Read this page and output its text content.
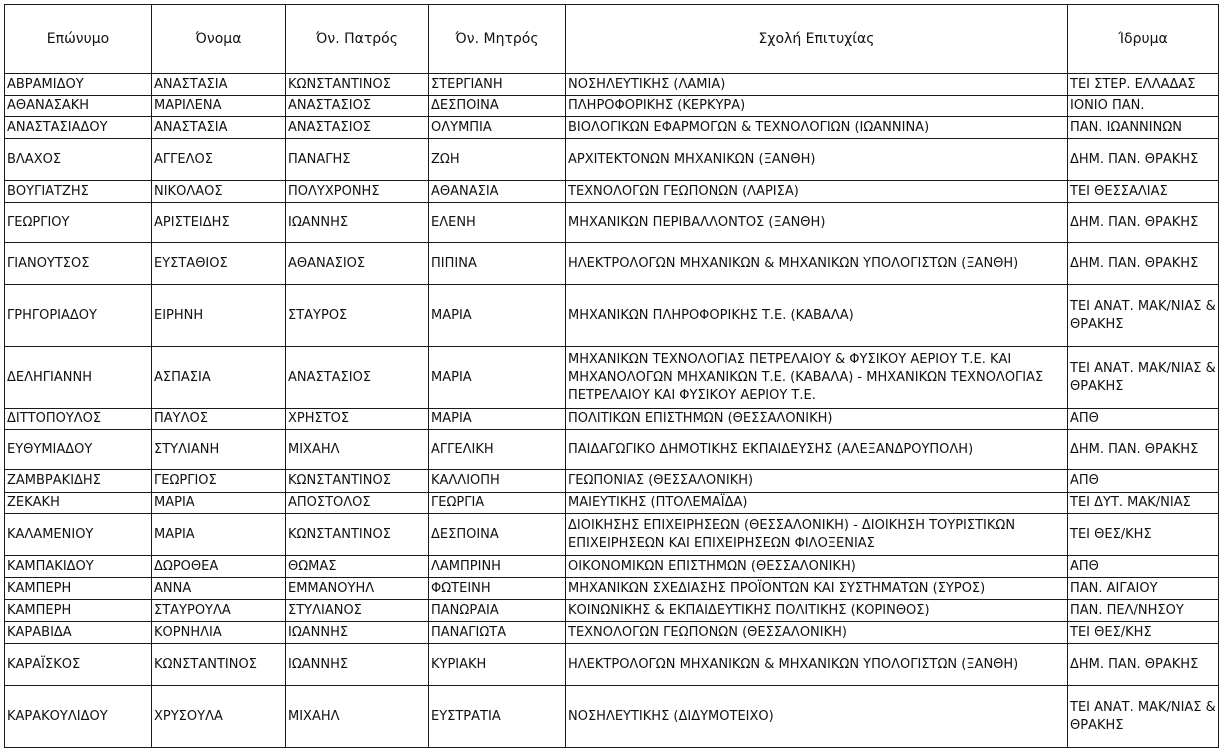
Επώνυμο	Όνομα	Όν. Πατρός	Όν. Μητρός	Σχολή Επιτυχίας	Ίδρυμα
ΑΒΡΑΜΙΔΟΥ	ΑΝΑΣΤΑΣΙΑ	ΚΩΝΣΤΑΝΤΙΝΟΣ	ΣΤΕΡΓΙΑΝΗ	ΝΟΣΗΛΕΥΤΙΚΗΣ (ΛΑΜΙΑ)	ΤΕΙ ΣΤΕΡ. ΕΛΛΑΔΑΣ
ΑΘΑΝΑΣΑΚΗ	ΜΑΡΙΛΕΝΑ	ΑΝΑΣΤΑΣΙΟΣ	ΔΕΣΠΟΙΝΑ	ΠΛΗΡΟΦΟΡΙΚΗΣ (ΚΕΡΚΥΡΑ)	ΙΟΝΙΟ ΠΑΝ.
ΑΝΑΣΤΑΣΙΑΔΟΥ	ΑΝΑΣΤΑΣΙΑ	ΑΝΑΣΤΑΣΙΟΣ	ΟΛΥΜΠΙΑ	ΒΙΟΛΟΓΙΚΩΝ ΕΦΑΡΜΟΓΩΝ & ΤΕΧΝΟΛΟΓΙΩΝ (ΙΩΑΝΝΙΝΑ)	ΠΑΝ. ΙΩΑΝΝΙΝΩΝ
ΒΛΑΧΟΣ	ΑΓΓΕΛΟΣ	ΠΑΝΑΓΗΣ	ΖΩΗ	ΑΡΧΙΤΕΚΤΟΝΩΝ ΜΗΧΑΝΙΚΩΝ (ΞΑΝΘΗ)	ΔΗΜ. ΠΑΝ. ΘΡΑΚΗΣ
ΒΟΥΓΙΑΤΖΗΣ	ΝΙΚΟΛΑΟΣ	ΠΟΛΥΧΡΟΝΗΣ	ΑΘΑΝΑΣΙΑ	ΤΕΧΝΟΛΟΓΩΝ ΓΕΩΠΟΝΩΝ (ΛΑΡΙΣΑ)	ΤΕΙ ΘΕΣΣΑΛΙΑΣ
ΓΕΩΡΓΙΟΥ	ΑΡΙΣΤΕΙΔΗΣ	ΙΩΑΝΝΗΣ	ΕΛΕΝΗ	ΜΗΧΑΝΙΚΩΝ ΠΕΡΙΒΑΛΛΟΝΤΟΣ (ΞΑΝΘΗ)	ΔΗΜ. ΠΑΝ. ΘΡΑΚΗΣ
ΓΙΑΝΟΥΤΣΟΣ	ΕΥΣΤΑΘΙΟΣ	ΑΘΑΝΑΣΙΟΣ	ΠΙΠΙΝΑ	ΗΛΕΚΤΡΟΛΟΓΩΝ ΜΗΧΑΝΙΚΩΝ & ΜΗΧΑΝΙΚΩΝ ΥΠΟΛΟΓΙΣΤΩΝ (ΞΑΝΘΗ)	ΔΗΜ. ΠΑΝ. ΘΡΑΚΗΣ
ΓΡΗΓΟΡΙΑΔΟΥ	ΕΙΡΗΝΗ	ΣΤΑΥΡΟΣ	ΜΑΡΙΑ	ΜΗΧΑΝΙΚΩΝ ΠΛΗΡΟΦΟΡΙΚΗΣ Τ.Ε. (ΚΑΒΑΛΑ)	ΤΕΙ ΑΝΑΤ. ΜΑΚ/ΝΙΑΣ & ΘΡΑΚΗΣ
ΔΕΛΗΓΙΑΝΝΗ	ΑΣΠΑΣΙΑ	ΑΝΑΣΤΑΣΙΟΣ	ΜΑΡΙΑ	ΜΗΧΑΝΙΚΩΝ ΤΕΧΝΟΛΟΓΙΑΣ ΠΕΤΡΕΛΑΙΟΥ & ΦΥΣΙΚΟΥ ΑΕΡΙΟΥ Τ.Ε. ΚΑΙ ΜΗΧΑΝΟΛΟΓΩΝ ΜΗΧΑΝΙΚΩΝ Τ.Ε. (ΚΑΒΑΛΑ) - ΜΗΧΑΝΙΚΩΝ ΤΕΧΝΟΛΟΓΙΑΣ ΠΕΤΡΕΛΑΙΟΥ ΚΑΙ ΦΥΣΙΚΟΥ ΑΕΡΙΟΥ Τ.Ε.	ΤΕΙ ΑΝΑΤ. ΜΑΚ/ΝΙΑΣ & ΘΡΑΚΗΣ
ΔΙΤΤΟΠΟΥΛΟΣ	ΠΑΥΛΟΣ	ΧΡΗΣΤΟΣ	ΜΑΡΙΑ	ΠΟΛΙΤΙΚΩΝ ΕΠΙΣΤΗΜΩΝ (ΘΕΣΣΑΛΟΝΙΚΗ)	ΑΠΘ
ΕΥΘΥΜΙΑΔΟΥ	ΣΤΥΛΙΑΝΗ	ΜΙΧΑΗΛ	ΑΓΓΕΛΙΚΗ	ΠΑΙΔΑΓΩΓΙΚΟ ΔΗΜΟΤΙΚΗΣ ΕΚΠΑΙΔΕΥΣΗΣ (ΑΛΕΞΑΝΔΡΟΥΠΟΛΗ)	ΔΗΜ. ΠΑΝ. ΘΡΑΚΗΣ
ΖΑΜΒΡΑΚΙΔΗΣ	ΓΕΩΡΓΙΟΣ	ΚΩΝΣΤΑΝΤΙΝΟΣ	ΚΑΛΛΙΟΠΗ	ΓΕΩΠΟΝΙΑΣ (ΘΕΣΣΑΛΟΝΙΚΗ)	ΑΠΘ
ΖΕΚΑΚΗ	ΜΑΡΙΑ	ΑΠΟΣΤΟΛΟΣ	ΓΕΩΡΓΙΑ	ΜΑΙΕΥΤΙΚΗΣ (ΠΤΟΛΕΜΑΪΔΑ)	ΤΕΙ ΔΥΤ. ΜΑΚ/ΝΙΑΣ
ΚΑΛΑΜΕΝΙΟΥ	ΜΑΡΙΑ	ΚΩΝΣΤΑΝΤΙΝΟΣ	ΔΕΣΠΟΙΝΑ	ΔΙΟΙΚΗΣΗΣ ΕΠΙΧΕΙΡΗΣΕΩΝ (ΘΕΣΣΑΛΟΝΙΚΗ) - ΔΙΟΙΚΗΣΗ ΤΟΥΡΙΣΤΙΚΩΝ ΕΠΙΧΕΙΡΗΣΕΩΝ ΚΑΙ ΕΠΙΧΕΙΡΗΣΕΩΝ ΦΙΛΟΞΕΝΙΑΣ	ΤΕΙ ΘΕΣ/ΚΗΣ
ΚΑΜΠΑΚΙΔΟΥ	ΔΩΡΟΘΕΑ	ΘΩΜΑΣ	ΛΑΜΠΡΙΝΗ	ΟΙΚΟΝΟΜΙΚΩΝ ΕΠΙΣΤΗΜΩΝ (ΘΕΣΣΑΛΟΝΙΚΗ)	ΑΠΘ
ΚΑΜΠΕΡΗ	ΑΝΝΑ	ΕΜΜΑΝΟΥΗΛ	ΦΩΤΕΙΝΗ	ΜΗΧΑΝΙΚΩΝ ΣΧΕΔΙΑΣΗΣ ΠΡΟΪΟΝΤΩΝ ΚΑΙ ΣΥΣΤΗΜΑΤΩΝ (ΣΥΡΟΣ)	ΠΑΝ. ΑΙΓΑΙΟΥ
ΚΑΜΠΕΡΗ	ΣΤΑΥΡΟΥΛΑ	ΣΤΥΛΙΑΝΟΣ	ΠΑΝΩΡΑΙΑ	ΚΟΙΝΩΝΙΚΗΣ & ΕΚΠΑΙΔΕΥΤΙΚΗΣ ΠΟΛΙΤΙΚΗΣ (ΚΟΡΙΝΘΟΣ)	ΠΑΝ. ΠΕΛ/ΝΗΣΟΥ
ΚΑΡΑΒΙΔΑ	ΚΟΡΝΗΛΙΑ	ΙΩΑΝΝΗΣ	ΠΑΝΑΓΙΩΤΑ	ΤΕΧΝΟΛΟΓΩΝ ΓΕΩΠΟΝΩΝ (ΘΕΣΣΑΛΟΝΙΚΗ)	ΤΕΙ ΘΕΣ/ΚΗΣ
ΚΑΡΑΪΣΚΟΣ	ΚΩΝΣΤΑΝΤΙΝΟΣ	ΙΩΑΝΝΗΣ	ΚΥΡΙΑΚΗ	ΗΛΕΚΤΡΟΛΟΓΩΝ ΜΗΧΑΝΙΚΩΝ & ΜΗΧΑΝΙΚΩΝ ΥΠΟΛΟΓΙΣΤΩΝ (ΞΑΝΘΗ)	ΔΗΜ. ΠΑΝ. ΘΡΑΚΗΣ
ΚΑΡΑΚΟΥΛΙΔΟΥ	ΧΡΥΣΟΥΛΑ	ΜΙΧΑΗΛ	ΕΥΣΤΡΑΤΙΑ	ΝΟΣΗΛΕΥΤΙΚΗΣ (ΔΙΔΥΜΟΤΕΙΧΟ)	ΤΕΙ ΑΝΑΤ. ΜΑΚ/ΝΙΑΣ & ΘΡΑΚΗΣ
